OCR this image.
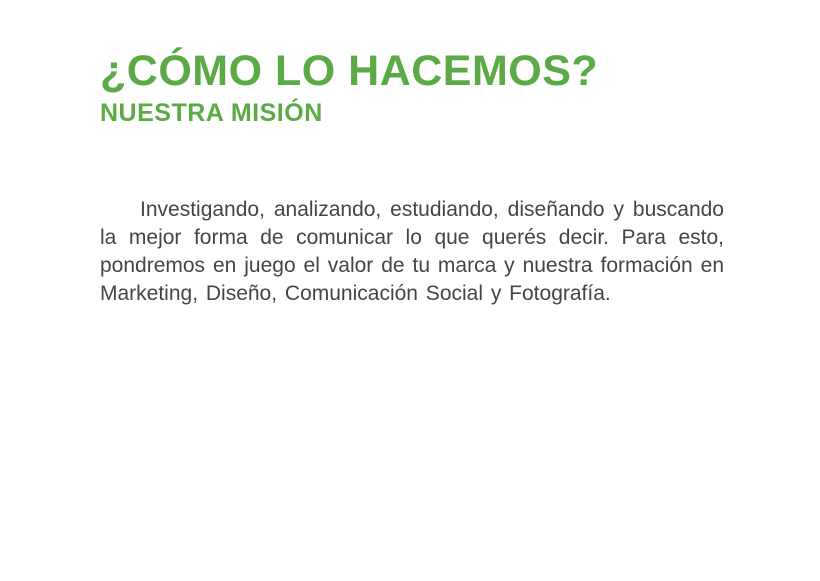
¿CÓMO LO HACEMOS?
NUESTRA MISIÓN

Investigando, analizando, estudiando, diseñando y buscando la mejor forma de comunicar lo que querés decir. Para esto, pondremos en juego el valor de tu marca y nuestra formación en Marketing, Diseño, Comunicación Social y Fotografía.
